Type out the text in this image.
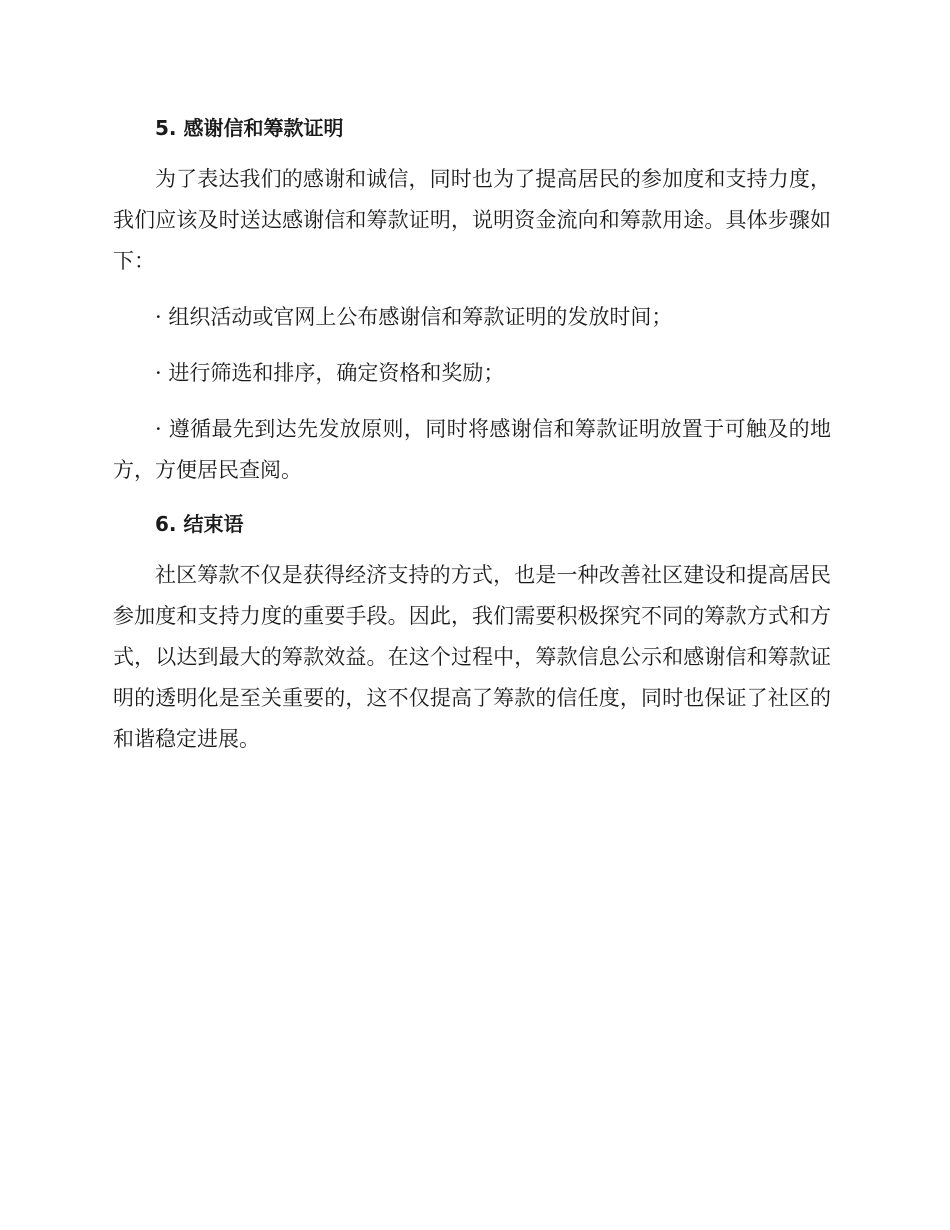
5. 感谢信和筹款证明

为了表达我们的感谢和诚信，同时也为了提高居民的参加度和支持力度，我们应该及时送达感谢信和筹款证明，说明资金流向和筹款用途。具体步骤如下：

· 组织活动或官网上公布感谢信和筹款证明的发放时间；

· 进行筛选和排序，确定资格和奖励；

· 遵循最先到达先发放原则，同时将感谢信和筹款证明放置于可触及的地方，方便居民查阅。

6. 结束语

社区筹款不仅是获得经济支持的方式，也是一种改善社区建设和提高居民参加度和支持力度的重要手段。因此，我们需要积极探究不同的筹款方式和方式，以达到最大的筹款效益。在这个过程中，筹款信息公示和感谢信和筹款证明的透明化是至关重要的，这不仅提高了筹款的信任度，同时也保证了社区的和谐稳定进展。
